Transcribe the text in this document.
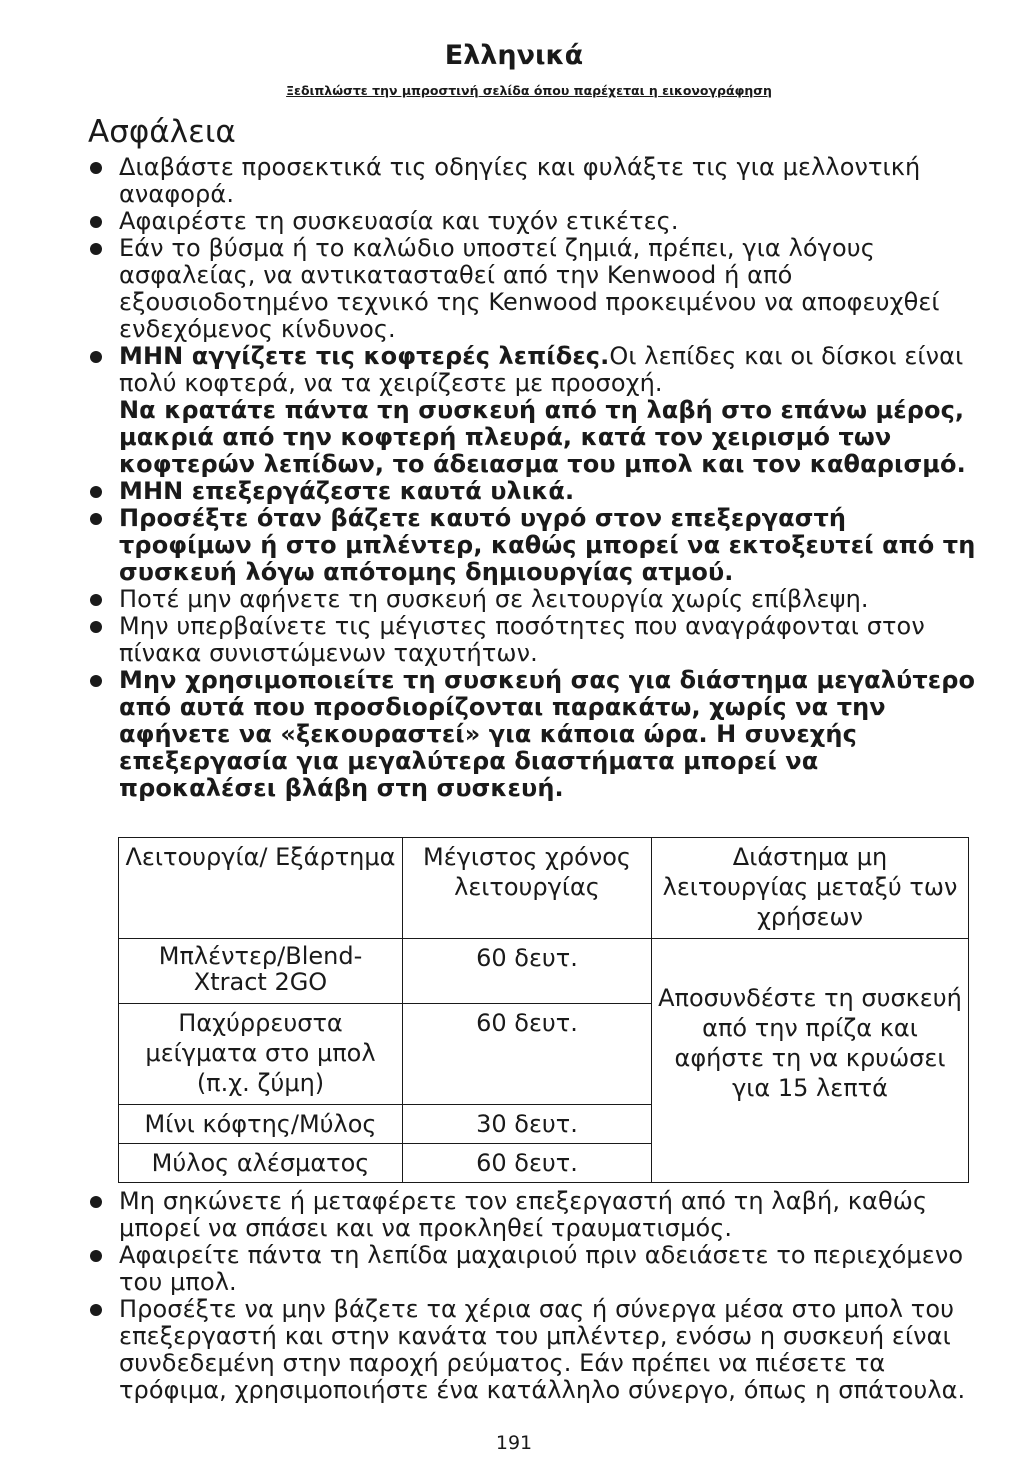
Ελληνικά

Ξεδιπλώστε την μπροστινή σελίδα όπου παρέχεται η εικονογράφηση

Ασφάλεια
Διαβάστε προσεκτικά τις οδηγίες και φυλάξτε τις για μελλοντική αναφορά.
Αφαιρέστε τη συσκευασία και τυχόν ετικέτες.
Εάν το βύσμα ή το καλώδιο υποστεί ζημιά, πρέπει, για λόγους ασφαλείας, να αντικατασταθεί από την Kenwood ή από εξουσιοδοτημένο τεχνικό της Kenwood προκειμένου να αποφευχθεί ενδεχόμενος κίνδυνος.
ΜΗΝ αγγίζετε τις κοφτερές λεπίδες.Οι λεπίδες και οι δίσκοι είναι πολύ κοφτερά, να τα χειρίζεστε με προσοχή.
Να κρατάτε πάντα τη συσκευή από τη λαβή στο επάνω μέρος, μακριά από την κοφτερή πλευρά, κατά τον χειρισμό των κοφτερών λεπίδων, το άδειασμα του μπολ και τον καθαρισμό.
ΜΗΝ επεξεργάζεστε καυτά υλικά.
Προσέξτε όταν βάζετε καυτό υγρό στον επεξεργαστή τροφίμων ή στο μπλέντερ, καθώς μπορεί να εκτοξευτεί από τη συσκευή λόγω απότομης δημιουργίας ατμού.
Ποτέ μην αφήνετε τη συσκευή σε λειτουργία χωρίς επίβλεψη.
Μην υπερβαίνετε τις μέγιστες ποσότητες που αναγράφονται στον πίνακα συνιστώμενων ταχυτήτων.
Μην χρησιμοποιείτε τη συσκευή σας για διάστημα μεγαλύτερο από αυτά που προσδιορίζονται παρακάτω, χωρίς να την αφήνετε να «ξεκουραστεί» για κάποια ώρα. Η συνεχής επεξεργασία για μεγαλύτερα διαστήματα μπορεί να προκαλέσει βλάβη στη συσκευή.
Λειτουργία/ Εξάρτημα	Μέγιστος χρόνος λειτουργίας	Διάστημα μη λειτουργίας μεταξύ των χρήσεων
Μπλέντερ/Blend-Xtract 2GO	60 δευτ.	Αποσυνδέστε τη συσκευή από την πρίζα και αφήστε τη να κρυώσει για 15 λεπτά
Παχύρρευστα μείγματα στο μπολ (π.χ. ζύμη)	60 δευτ.	
Μίνι κόφτης/Μύλος	30 δευτ.	
Μύλος αλέσματος	60 δευτ.	
Μη σηκώνετε ή μεταφέρετε τον επεξεργαστή από τη λαβή, καθώς μπορεί να σπάσει και να προκληθεί τραυματισμός.
Αφαιρείτε πάντα τη λεπίδα μαχαιριού πριν αδειάσετε το περιεχόμενο του μπολ.
Προσέξτε να μην βάζετε τα χέρια σας ή σύνεργα μέσα στο μπολ του επεξεργαστή και στην κανάτα του μπλέντερ, ενόσω η συσκευή είναι συνδεδεμένη στην παροχή ρεύματος. Εάν πρέπει να πιέσετε τα τρόφιμα, χρησιμοποιήστε ένα κατάλληλο σύνεργο, όπως η σπάτουλα.
191
